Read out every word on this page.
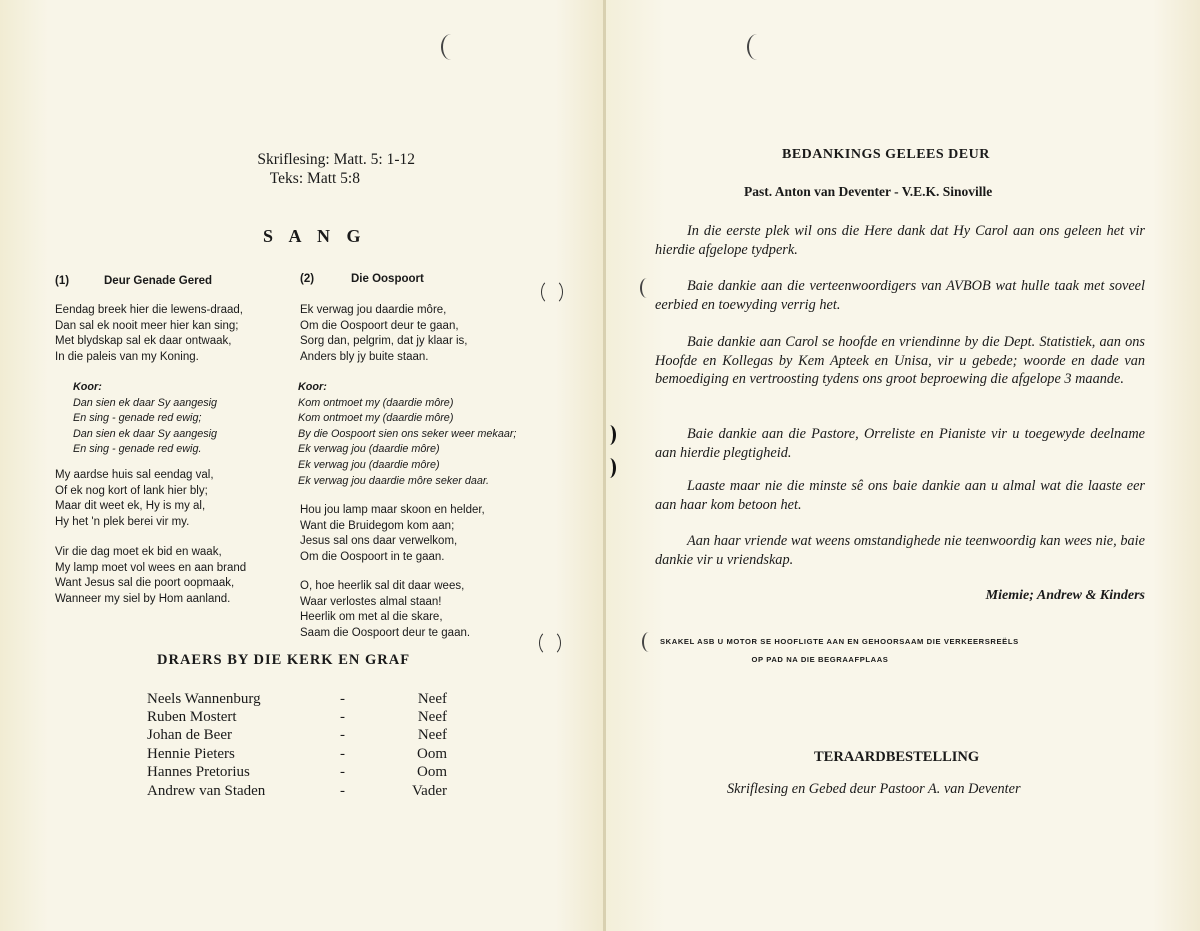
Skriflesing: Matt. 5: 1-12
Teks: Matt 5:8
S A N G
(1)	Deur Genade Gered
Eendag breek hier die lewens-draad,
Dan sal ek nooit meer hier kan sing;
Met blydskap sal ek daar ontwaak,
In die paleis van my Koning.
Koor:
Dan sien ek daar Sy aangesig
En sing - genade red ewig;
Dan sien ek daar Sy aangesig
En sing - genade red ewig.
My aardse huis sal eendag val,
Of ek nog kort of lank hier bly;
Maar dit weet ek, Hy is my al,
Hy het 'n plek berei vir my.
Vir die dag moet ek bid en waak,
My lamp moet vol wees en aan brand
Want Jesus sal die poort oopmaak,
Wanneer my siel by Hom aanland.
(2)	Die Oospoort
Ek verwag jou daardie môre,
Om die Oospoort deur te gaan,
Sorg dan, pelgrim, dat jy klaar is,
Anders bly jy buite staan.
Koor:
Kom ontmoet my (daardie môre)
Kom ontmoet my (daardie môre)
By die Oospoort sien ons seker weer mekaar;
Ek verwag jou (daardie môre)
Ek verwag jou (daardie môre)
Ek verwag jou daardie môre seker daar.
Hou jou lamp maar skoon en helder,
Want die Bruidegom kom aan;
Jesus sal ons daar verwelkom,
Om die Oospoort in te gaan.
O, hoe heerlik sal dit daar wees,
Waar verlostes almal staan!
Heerlik om met al die skare,
Saam die Oospoort deur te gaan.
DRAERS BY DIE KERK EN GRAF
Neels Wannenburg	-	Neef
Ruben Mostert	-	Neef
Johan de Beer	-	Neef
Hennie Pieters	-	Oom
Hannes Pretorius	-	Oom
Andrew van Staden	-	Vader
BEDANKINGS GELEES DEUR
Past. Anton van Deventer - V.E.K. Sinoville

In die eerste plek wil ons die Here dank dat Hy Carol aan ons geleen het vir hierdie afgelope tydperk.

Baie dankie aan die verteenwoordigers van AVBOB wat hulle taak met soveel eerbied en toewyding verrig het.

Baie dankie aan Carol se hoofde en vriendinne by die Dept. Statistiek, aan ons Hoofde en Kollegas by Kem Apteek en Unisa, vir u gebede; woorde en dade van bemoediging en vertroosting tydens ons groot beproewing die afgelope 3 maande.

Baie dankie aan die Pastore, Orreliste en Pianiste vir u toegewyde deelname aan hierdie plegtigheid.

Laaste maar nie die minste sê ons baie dankie aan u almal wat die laaste eer aan haar kom betoon het.

Aan haar vriende wat weens omstandighede nie teenwoordig kan wees nie, baie dankie vir u vriendskap.

Miemie; Andrew & Kinders
SKAKEL ASB U MOTOR SE HOOFLIGTE AAN EN GEHOORSAAM DIE VERKEERSREËLS
OP PAD NA DIE BEGRAAFPLAAS
TERAARDBESTELLING
Skriflesing en Gebed deur Pastoor A. van Deventer
